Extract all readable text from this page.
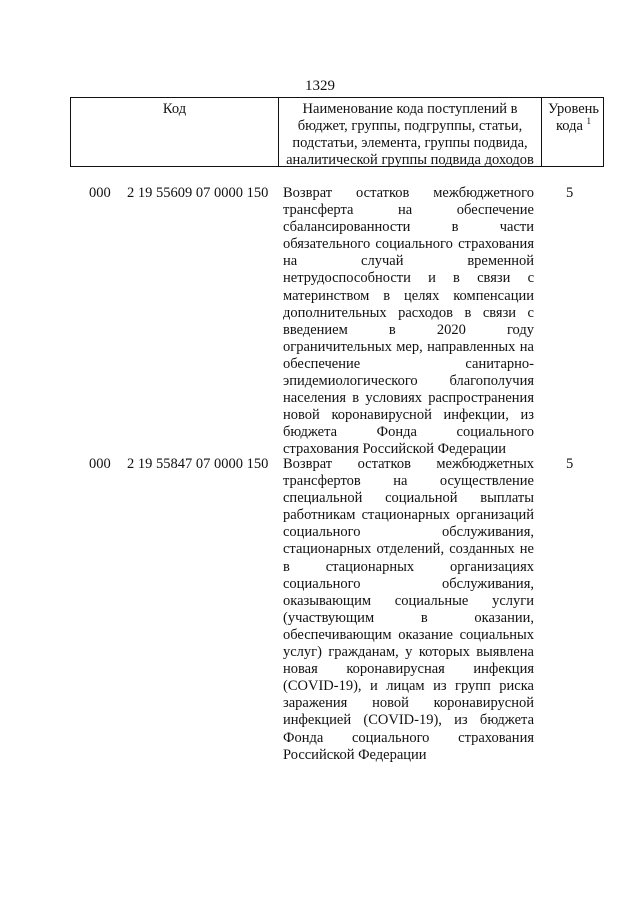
1329
Код	Наименование кода поступлений в
бюджет, группы, подгруппы, статьи,
подстатьи, элемента, группы подвида,
аналитической группы подвида доходов
Уровень
кода $^1$
000 2 19 55609 07 0000 150 Возврат остатков межбюджетного трансферта на обеспечение сбалансированности в части обязательного социального страхования на случай временной нетрудоспособности и в связи с материнством в целях компенсации дополнительных расходов в связи с введением в 2020 году ограничительных мер, направленных на обеспечение санитарно-эпидемиологического благополучия населения в условиях распространения новой коронавирусной инфекции, из бюджета Фонда социального страхования Российской Федерации
5
000 2 19 55847 07 0000 150 Возврат остатков межбюджетных трансфертов на осуществление специальной социальной выплаты работникам стационарных организаций социального обслуживания, стационарных отделений, созданных не в стационарных организациях социального обслуживания, оказывающим социальные услуги (участвующим в оказании, обеспечивающим оказание социальных услуг) гражданам, у которых выявлена новая коронавирусная инфекция (COVID-19), и лицам из групп риска заражения новой коронавирусной инфекцией (COVID-19), из бюджета Фонда социального страхования Российской Федерации
5
